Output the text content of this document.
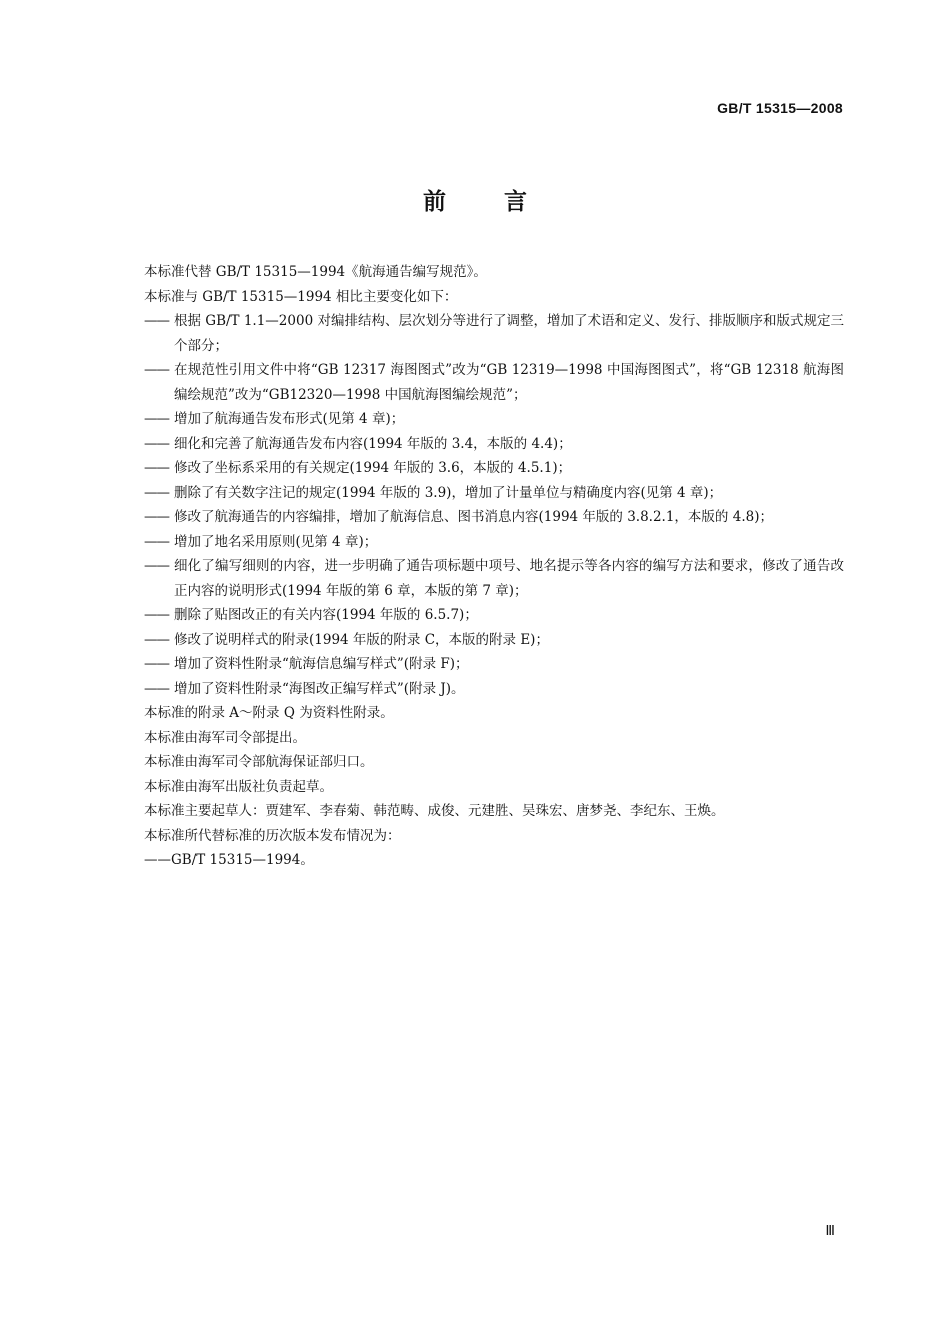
GB/T 15315—2008
前言

本标准代替 GB/T 15315—1994《航海通告编写规范》。

本标准与 GB/T 15315—1994 相比主要变化如下：

—— 根据 GB/T 1.1—2000 对编排结构、层次划分等进行了调整，增加了术语和定义、发行、排版顺序和版式规定三个部分；
—— 在规范性引用文件中将“GB 12317 海图图式”改为“GB 12319—1998 中国海图图式”，将“GB 12318 航海图编绘规范”改为“GB12320—1998 中国航海图编绘规范”；
—— 增加了航海通告发布形式(见第 4 章)；
—— 细化和完善了航海通告发布内容(1994 年版的 3.4，本版的 4.4)；
—— 修改了坐标系采用的有关规定(1994 年版的 3.6，本版的 4.5.1)；
—— 删除了有关数字注记的规定(1994 年版的 3.9)，增加了计量单位与精确度内容(见第 4 章)；
—— 修改了航海通告的内容编排，增加了航海信息、图书消息内容(1994 年版的 3.8.2.1，本版的 4.8)；
—— 增加了地名采用原则(见第 4 章)；
—— 细化了编写细则的内容，进一步明确了通告项标题中项号、地名提示等各内容的编写方法和要求，修改了通告改正内容的说明形式(1994 年版的第 6 章，本版的第 7 章)；
—— 删除了贴图改正的有关内容(1994 年版的 6.5.7)；
—— 修改了说明样式的附录(1994 年版的附录 C，本版的附录 E)；
—— 增加了资料性附录“航海信息编写样式”(附录 F)；
—— 增加了资料性附录“海图改正编写样式”(附录 J)。

本标准的附录 A～附录 Q 为资料性附录。

本标准由海军司令部提出。

本标准由海军司令部航海保证部归口。

本标准由海军出版社负责起草。

本标准主要起草人：贾建军、李春菊、韩范畴、成俊、元建胜、吴珠宏、唐梦尧、李纪东、王焕。

本标准所代替标准的历次版本发布情况为：

——GB/T 15315—1994。

Ⅲ
